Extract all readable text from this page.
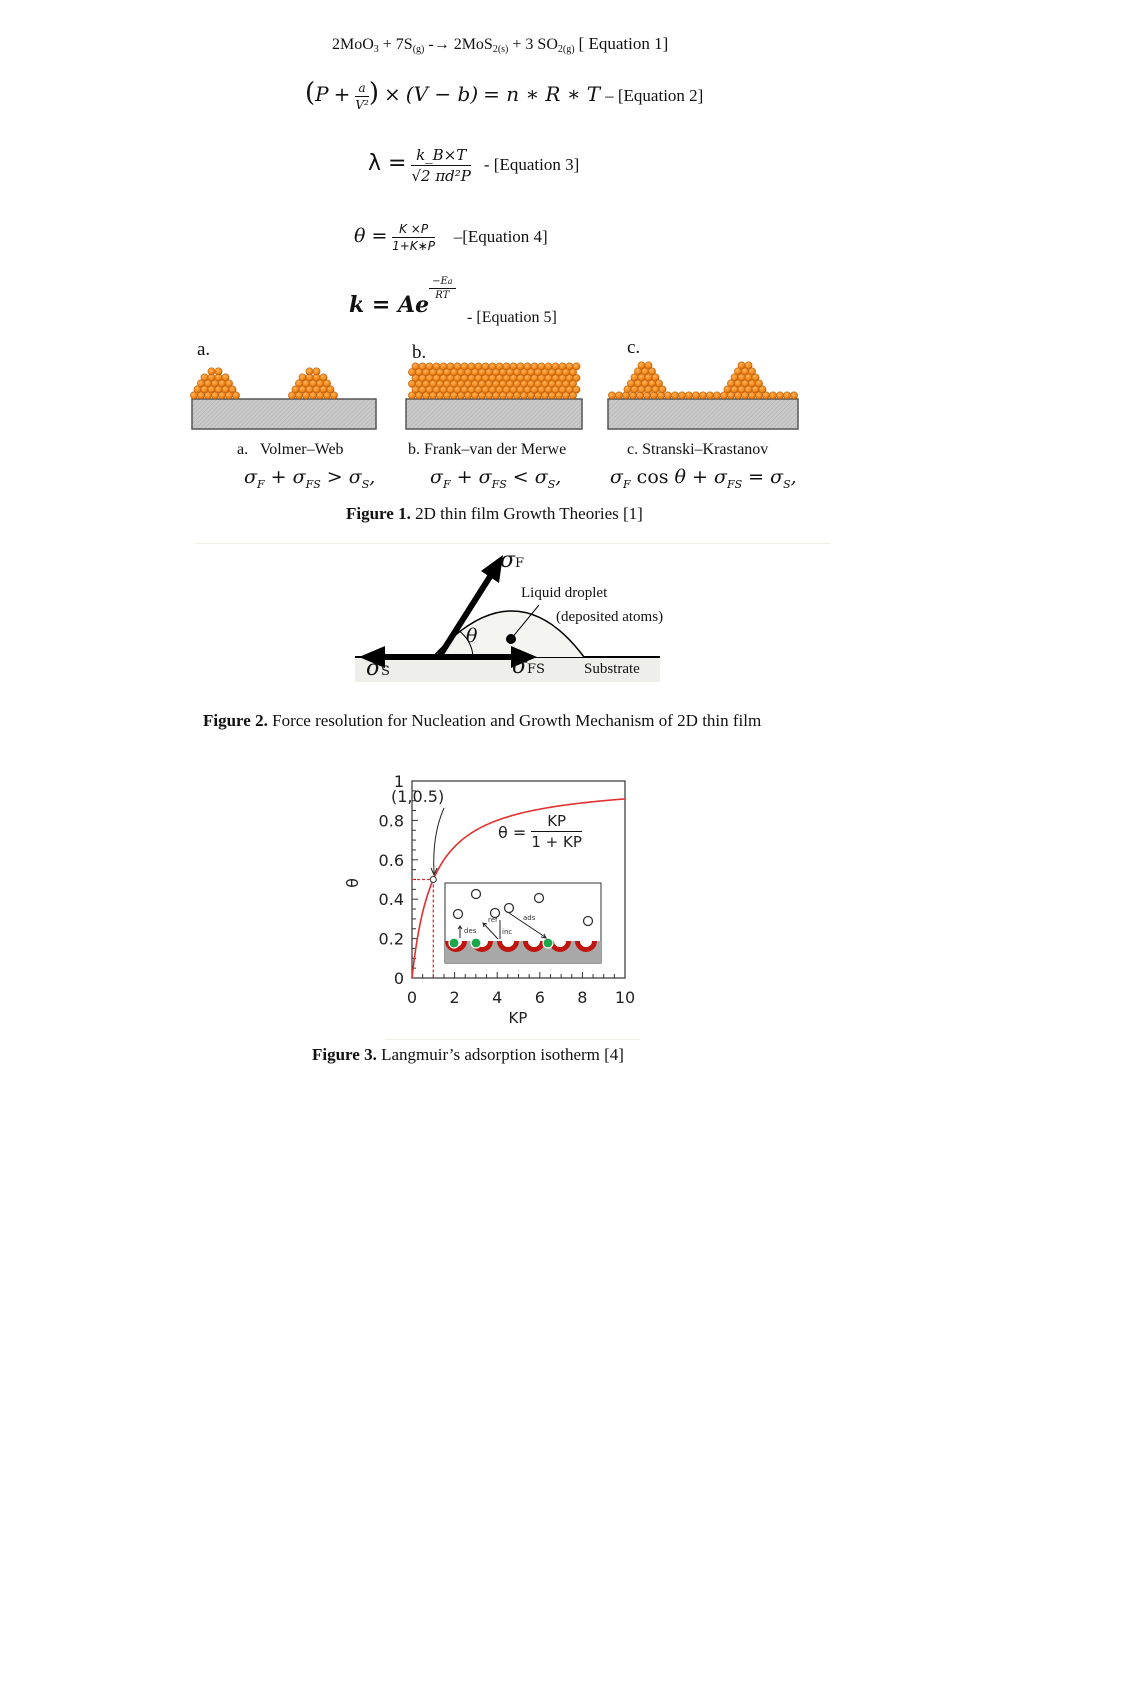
$2MoO_3 + 7S_{(g)} -\to 2MoS_{2(s)} + 3$ $SO_{2(g)}$ [ Equation 1]
($P + \frac{a}{\text{V²}}$ ) × (V − b) = n ∗ R ∗ T – [Equation 2]
$\lambda = \frac{k\_B\times T}{\text{√2 πd²P}}$ - [Equation 3]
$\theta = \frac{K \times P}{1+K∗P}$ –[Equation 4]
k = Ae
$\frac{-Ea}{RT}$
$_{- [Equation 5]}$
a.	b.	c.
a.   Volmer–Web	b. Frank–van der Merwe	c. Stranski–Krastanov
$\sigma_F + \sigma_{FS} > \sigma_S$,	$\sigma_F + \sigma_{FS} < \sigma_S$,	$\sigma_F$ $\cos \theta + \sigma_{FS} = \sigma_S$,
Figure 1. 2D thin film Growth Theories [1]
σF
Liquid droplet
(deposited atoms)
θ
σS	σFS	Substrate
Figure 2. Force resolution for Nucleation and Growth Mechanism of 2D thin film
0
0.2
0.4
0.6
0.8
1
0 2 4 6 8 10
θ
KP
des
ref
inc
ads
(1,0.5)
$\theta = \frac{KP}{1 + KP}$
Figure 3. Langmuir’s adsorption isotherm [4]
